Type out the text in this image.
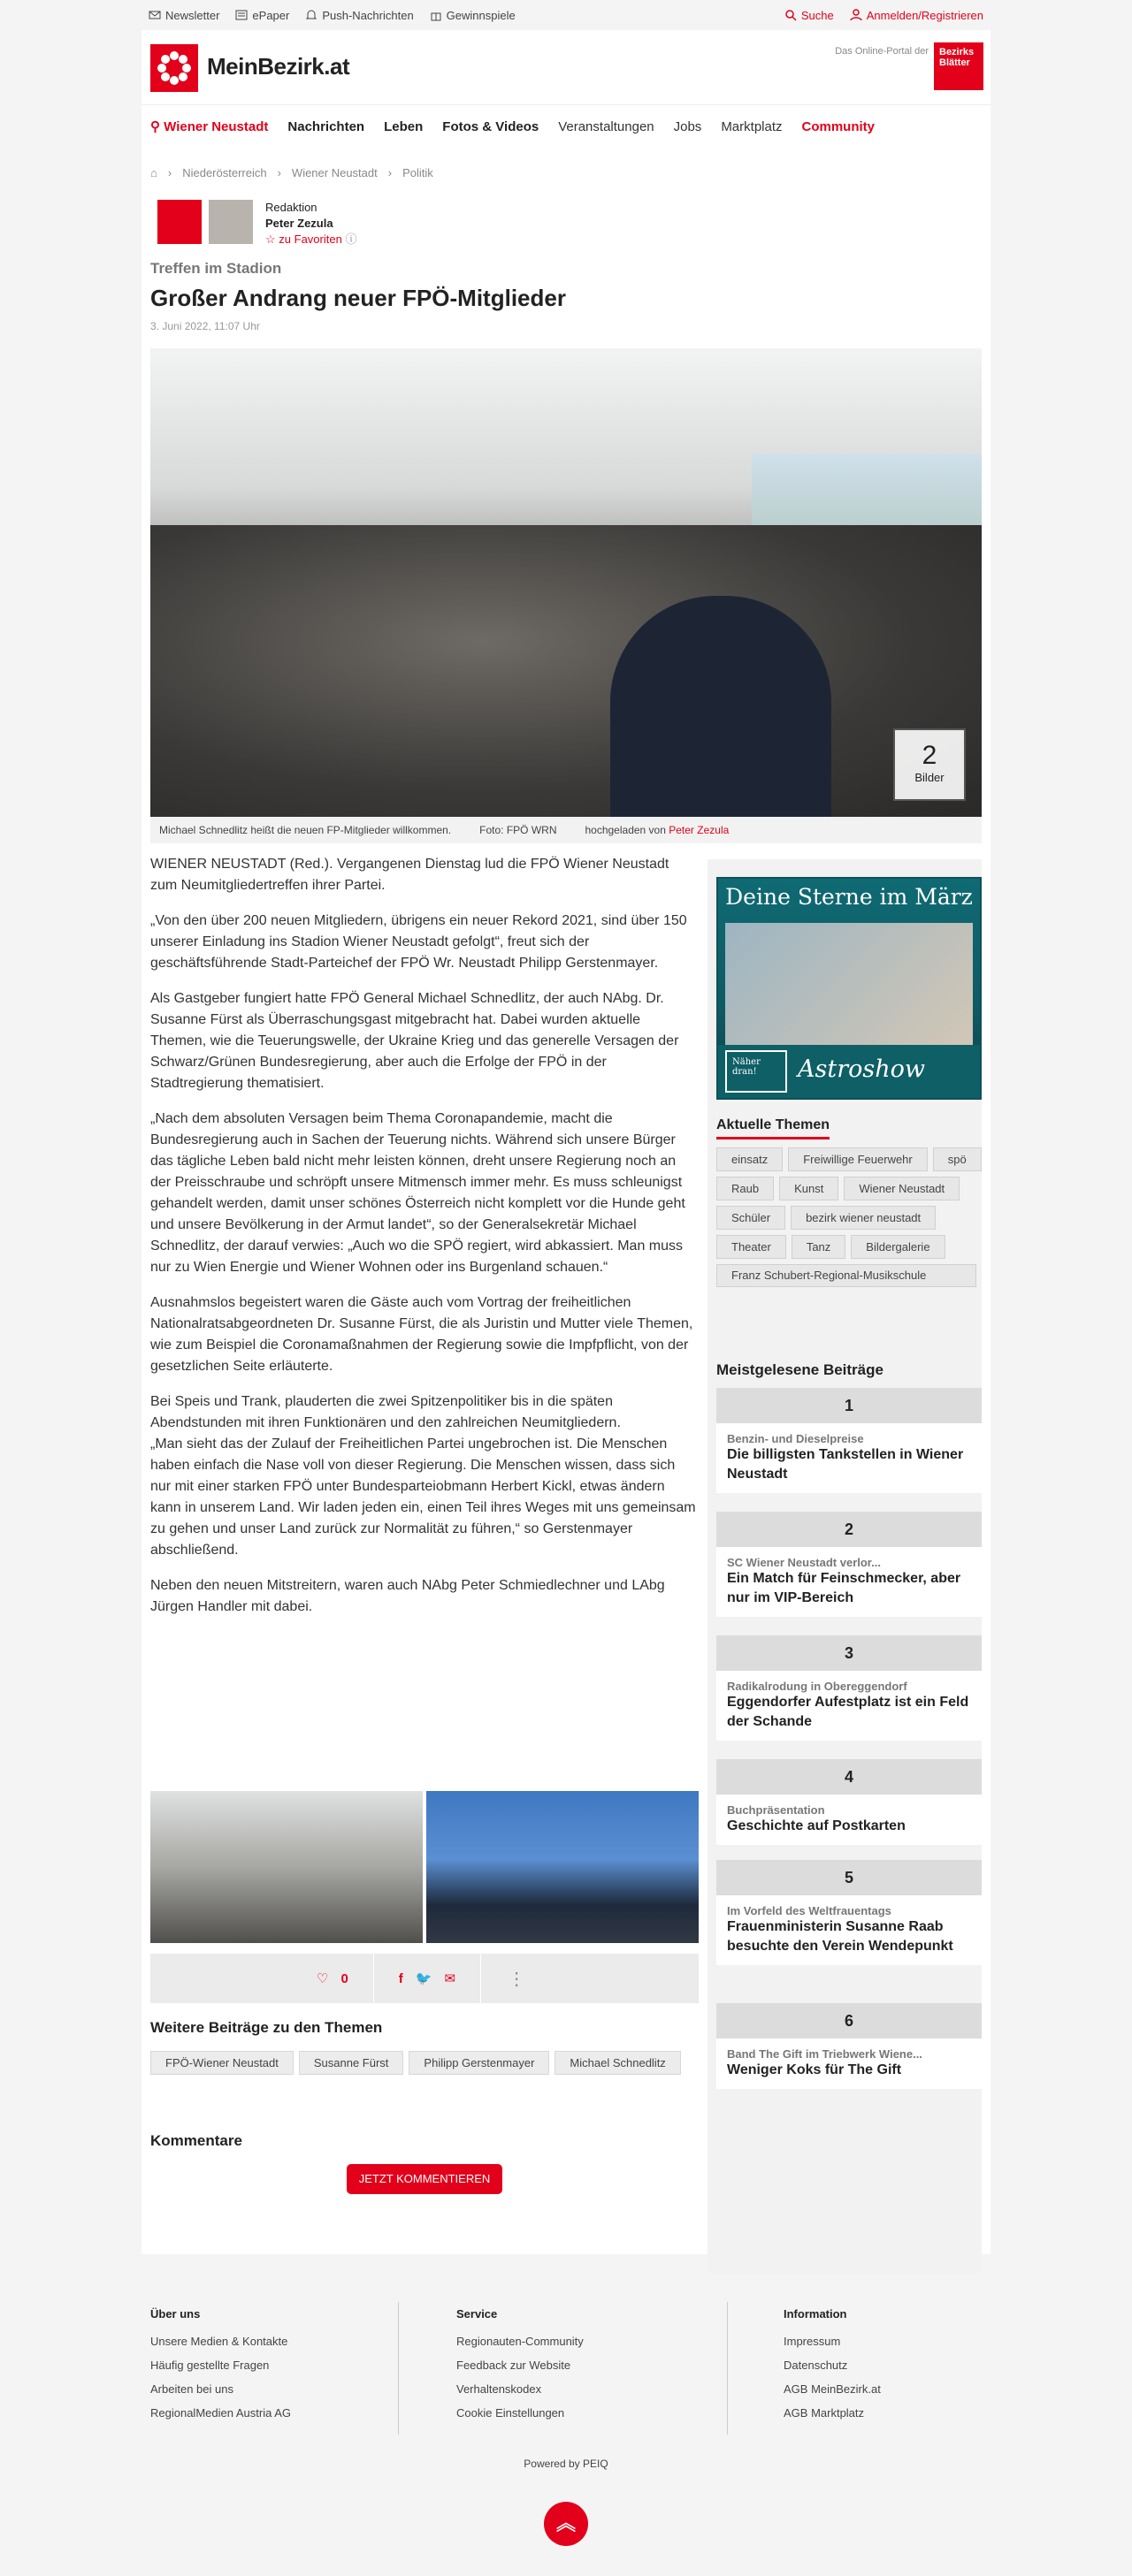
Newsletter	ePaper	Push-Nachrichten	Gewinnspiele	Suche	Anmelden/Registrieren
MeinBezirk.at
Das Online-Portal der	Bezirks Blätter
⚲ Wiener Neustadt Nachrichten Leben Fotos & Videos Veranstaltungen Jobs Marktplatz Community
⌂ › Niederösterreich › Wiener Neustadt › Politik
Redaktion
Peter Zezula
☆ zu Favoriten ⓘ
Treffen im Stadion
Großer Andrang neuer FPÖ-Mitglieder
3. Juni 2022, 11:07 Uhr
2
Bilder
Michael Schnedlitz heißt die neuen FP-Mitglieder willkommen.	Foto: FPÖ WRN	hochgeladen von Peter Zezula

WIENER NEUSTADT (Red.). Vergangenen Dienstag lud die FPÖ Wiener Neustadt zum Neumitgliedertreffen ihrer Partei.

„Von den über 200 neuen Mitgliedern, übrigens ein neuer Rekord 2021, sind über 150 unserer Einladung ins Stadion Wiener Neustadt gefolgt“, freut sich der geschäftsführende Stadt-Parteichef der FPÖ Wr. Neustadt Philipp Gerstenmayer.

Als Gastgeber fungiert hatte FPÖ General Michael Schnedlitz, der auch NAbg. Dr. Susanne Fürst als Überraschungsgast mitgebracht hat. Dabei wurden aktuelle Themen, wie die Teuerungswelle, der Ukraine Krieg und das generelle Versagen der Schwarz/Grünen Bundesregierung, aber auch die Erfolge der FPÖ in der Stadtregierung thematisiert.

„Nach dem absoluten Versagen beim Thema Coronapandemie, macht die Bundesregierung auch in Sachen der Teuerung nichts. Während sich unsere Bürger das tägliche Leben bald nicht mehr leisten können, dreht unsere Regierung noch an der Preisschraube und schröpft unsere Mitmensch immer mehr. Es muss schleunigst gehandelt werden, damit unser schönes Österreich nicht komplett vor die Hunde geht und unsere Bevölkerung in der Armut landet“, so der Generalsekretär Michael Schnedlitz, der darauf verwies: „Auch wo die SPÖ regiert, wird abkassiert. Man muss nur zu Wien Energie und Wiener Wohnen oder ins Burgenland schauen.“

Ausnahmslos begeistert waren die Gäste auch vom Vortrag der freiheitlichen Nationalratsabgeordneten Dr. Susanne Fürst, die als Juristin und Mutter viele Themen, wie zum Beispiel die Coronamaßnahmen der Regierung sowie die Impfpflicht, von der gesetzlichen Seite erläuterte.

Bei Speis und Trank, plauderten die zwei Spitzenpolitiker bis in die späten Abendstunden mit ihren Funktionären und den zahlreichen Neumitgliedern.

„Man sieht das der Zulauf der Freiheitlichen Partei ungebrochen ist. Die Menschen haben einfach die Nase voll von dieser Regierung. Die Menschen wissen, dass sich nur mit einer starken FPÖ unter Bundesparteiobmann Herbert Kickl, etwas ändern kann in unserem Land. Wir laden jeden ein, einen Teil ihres Weges mit uns gemeinsam zu gehen und unser Land zurück zur Normalität zu führen,“ so Gerstenmayer abschließend.

Neben den neuen Mitstreitern, waren auch NAbg Peter Schmiedlechner und LAbg Jürgen Handler mit dabei.

♡ 0	f 🐦 ✉	⋮
Weitere Beiträge zu den Themen
FPÖ-Wiener Neustadt	Susanne Fürst	Philipp Gerstenmayer	Michael Schnedlitz
Kommentare
JETZT KOMMENTIEREN
Deine Sterne im März
Näher dran!	Astroshow
Aktuelle Themen
einsatz	Freiwillige Feuerwehr	spö
Raub	Kunst	Wiener Neustadt
Schüler	bezirk wiener neustadt
Theater	Tanz	Bildergalerie
Franz Schubert-Regional-Musikschule
Meistgelesene Beiträge
1
Benzin- und Dieselpreise
Die billigsten Tankstellen in Wiener Neustadt
2
SC Wiener Neustadt verlor...
Ein Match für Feinschmecker, aber nur im VIP-Bereich
3
Radikalrodung in Obereggendorf
Eggendorfer Aufestplatz ist ein Feld der Schande
4
Buchpräsentation
Geschichte auf Postkarten
5
Im Vorfeld des Weltfrauentags
Frauenministerin Susanne Raab besuchte den Verein Wendepunkt
6
Band The Gift im Triebwerk Wiene...
Weniger Koks für The Gift
Über uns
Unsere Medien & Kontakte
Häufig gestellte Fragen
Arbeiten bei uns
RegionalMedien Austria AG
Service
Regionauten-Community
Feedback zur Website
Verhaltenskodex
Cookie Einstellungen
Information
Impressum
Datenschutz
AGB MeinBezirk.at
AGB Marktplatz
Powered by PEIQ
︽
